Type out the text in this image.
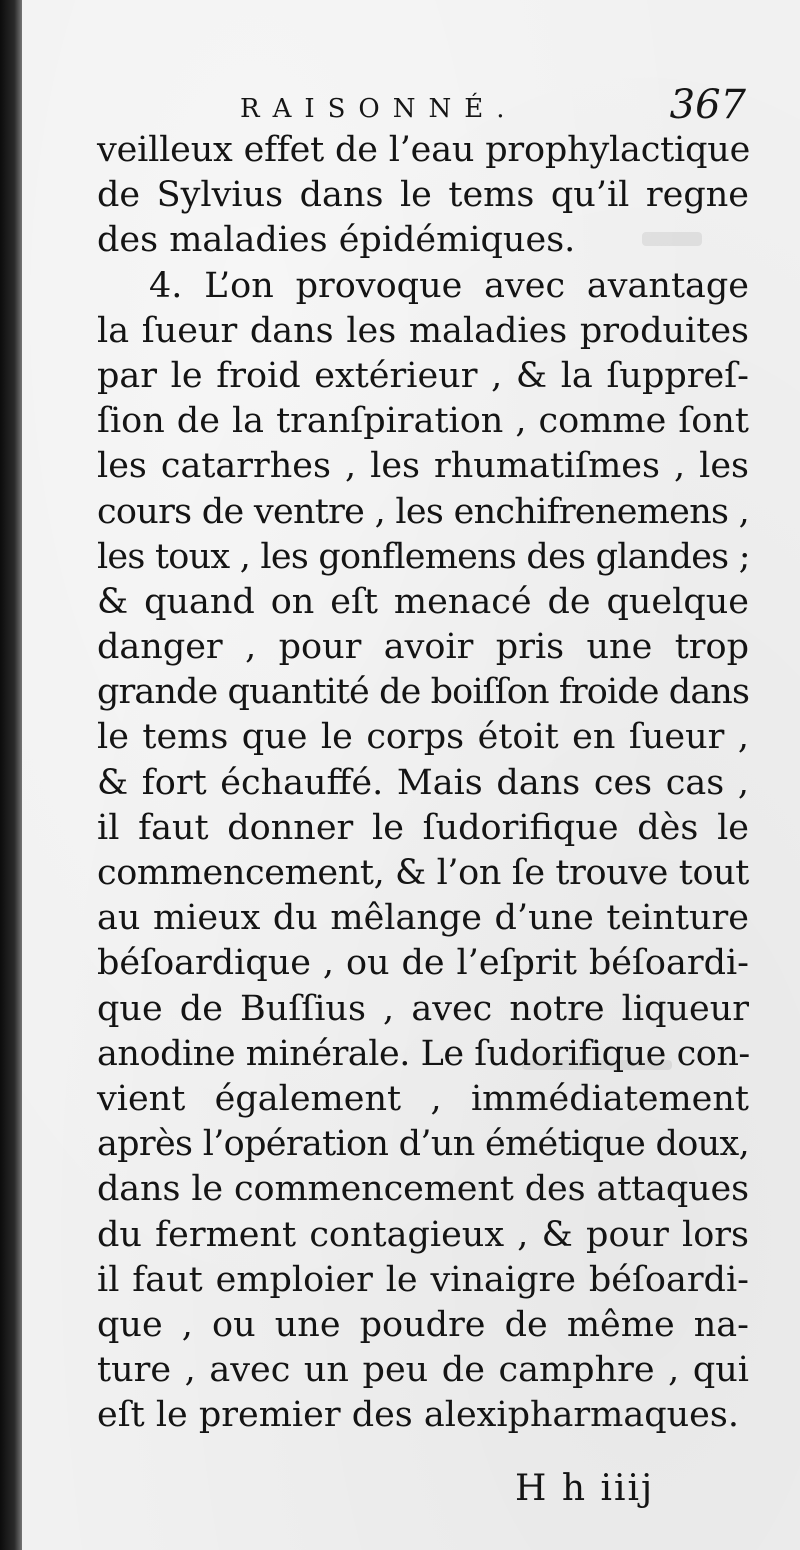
RAISONNÉ.	367
veilleux effet de l’eau prophylactique
de Sylvius dans le tems qu’il regne
des maladies épidémiques.
4. L’on provoque avec avantage
la ſueur dans les maladies produites
par le froid extérieur , & la ſuppreſ-
ſion de la tranſpiration , comme ſont
les catarrhes , les rhumatiſmes , les
cours de ventre , les enchifrenemens ,
les toux , les gonflemens des glandes ;
& quand on eſt menacé de quelque
danger , pour avoir pris une trop
grande quantité de boiſſon froide dans
le tems que le corps étoit en ſueur ,
& fort échauffé. Mais dans ces cas ,
il faut donner le ſudorifique dès le
commencement, & l’on ſe trouve tout
au mieux du mêlange d’une teinture
béſoardique , ou de l’eſprit béſoardi-
que de Buſſius , avec notre liqueur
anodine minérale. Le ſudorifique con-
vient également , immédiatement
après l’opération d’un émétique doux,
dans le commencement des attaques
du ferment contagieux , & pour lors
il faut emploier le vinaigre béſoardi-
que , ou une poudre de même na-
ture , avec un peu de camphre , qui
eſt le premier des alexipharmaques.
H h iiij
